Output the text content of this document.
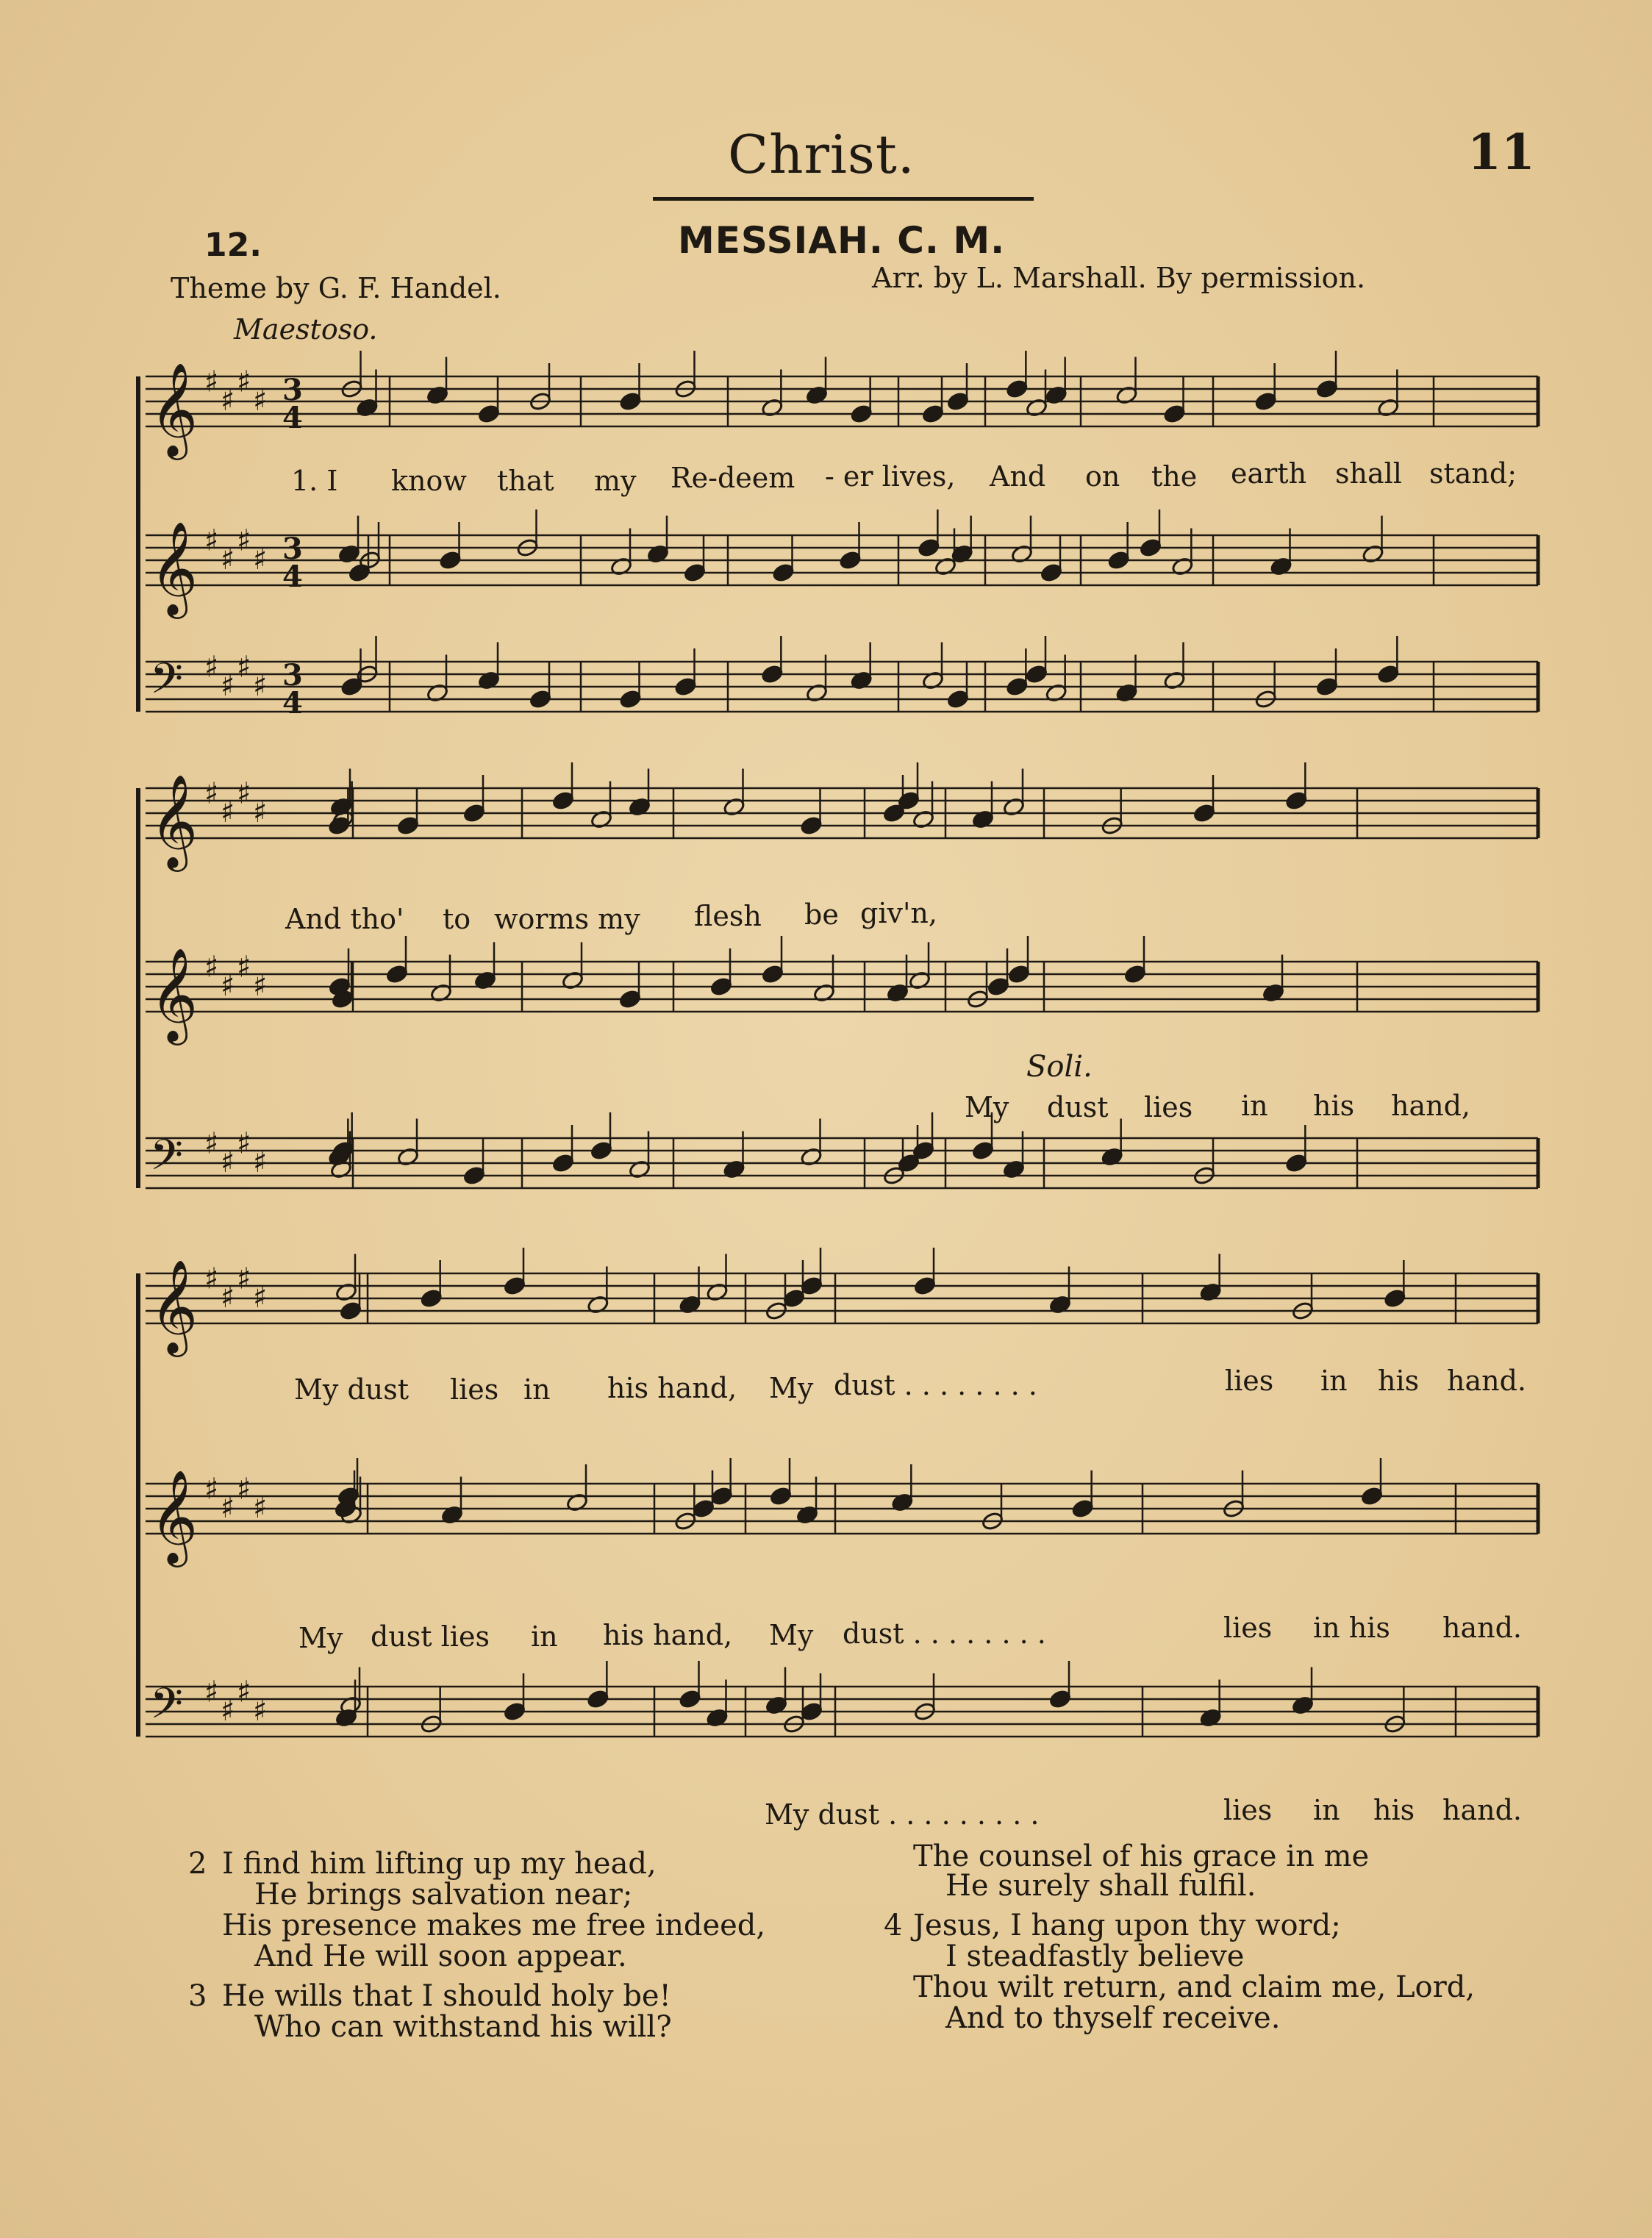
Christ.	11
12.	MESSIAH. C. M.
Theme by G. F. Handel.	Arr. by L. Marshall. By permission.
Maestoso.
𝄞 ♯
♯
♯
♯ 3
4
𝄞 ♯
♯
♯
♯ 3
4
𝄢 ♯
♯
♯
♯ 3
4
𝄞 ♯
♯
♯
♯
𝄞 ♯
♯
♯
♯
𝄢 ♯
♯
♯
♯
𝄞 ♯
♯
♯
♯
𝄞 ♯
♯
♯
♯
𝄢 ♯
♯
♯
♯
1. I know that my Re-deem - er lives, And on the earth shall stand;
And tho' to worms my flesh be giv'n,
Soli.
My dust lies in his hand,
My dust lies in his hand, My dust . . . . . . . .	lies in his hand.
My dust lies in his hand, My dust . . . . . . . .	lies in his hand.
My dust . . . . . . . . .	lies in his hand.
2 I find him lifting up my head,
He brings salvation near;
His presence makes me free indeed,
And He will soon appear.
3 He wills that I should holy be!
Who can withstand his will?
The counsel of his grace in me
He surely shall fulfil.
4 Jesus, I hang upon thy word;
I steadfastly believe
Thou wilt return, and claim me, Lord,
And to thyself receive.
